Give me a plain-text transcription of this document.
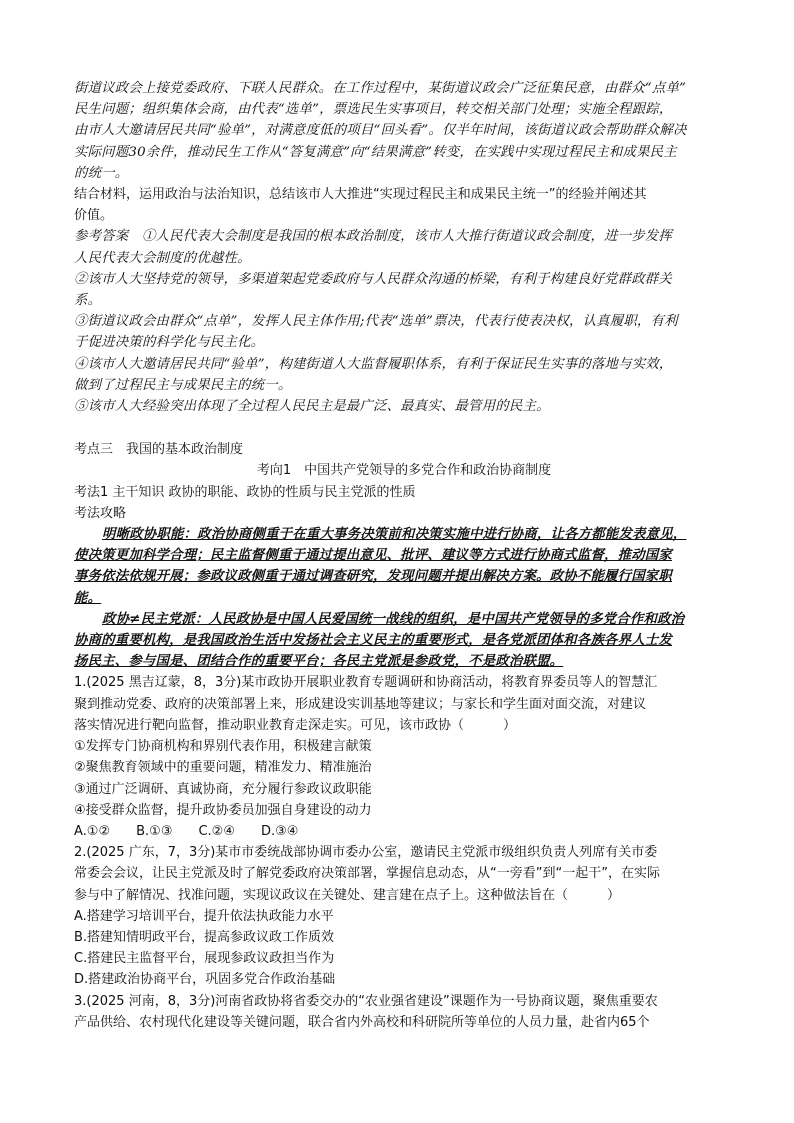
街道议政会上接党委政府、下联人民群众。在工作过程中，某街道议政会广泛征集民意，由群众“点单”

民生问题；组织集体会商，由代表“选单”，票选民生实事项目，转交相关部门处理；实施全程跟踪，

由市人大邀请居民共同“验单”，对满意度低的项目“回头看”。仅半年时间，该街道议政会帮助群众解决

实际问题30余件，推动民生工作从“答复满意”向“结果满意”转变，在实践中实现过程民主和成果民主

的统一。

结合材料，运用政治与法治知识，总结该市人大推进“实现过程民主和成果民主统一”的经验并阐述其

价值。

参考答案　①人民代表大会制度是我国的根本政治制度，该市人大推行街道议政会制度，进一步发挥

人民代表大会制度的优越性。

②该市人大坚持党的领导，多渠道架起党委政府与人民群众沟通的桥梁，有利于构建良好党群政群关

系。

③街道议政会由群众“点单”，发挥人民主体作用;代表“选单”票决，代表行使表决权，认真履职，有利

于促进决策的科学化与民主化。

④该市人大邀请居民共同“验单”，构建街道人大监督履职体系，有利于保证民生实事的落地与实效，

做到了过程民主与成果民主的统一。

⑤该市人大经验突出体现了全过程人民民主是最广泛、最真实、最管用的民主。

考点三　我国的基本政治制度

考向1　中国共产党领导的多党合作和政治协商制度

考法1 主干知识 政协的职能、政协的性质与民主党派的性质

考法攻略

明晰政协职能：政治协商侧重于在重大事务决策前和决策实施中进行协商，让各方都能发表意见，

使决策更加科学合理；民主监督侧重于通过提出意见、批评、建议等方式进行协商式监督，推动国家

事务依法依规开展；参政议政侧重于通过调查研究，发现问题并提出解决方案。政协不能履行国家职

能。

政协≠民主党派：人民政协是中国人民爱国统一战线的组织，是中国共产党领导的多党合作和政治

协商的重要机构，是我国政治生活中发扬社会主义民主的重要形式，是各党派团体和各族各界人士发

扬民主、参与国是、团结合作的重要平台；各民主党派是参政党，不是政治联盟。

1.(2025 黑吉辽蒙，8，3分)某市政协开展职业教育专题调研和协商活动，将教育界委员等人的智慧汇

聚到推动党委、政府的决策部署上来，形成建设实训基地等建议；与家长和学生面对面交流，对建议

落实情况进行靶向监督，推动职业教育走深走实。可见，该市政协（　　　）

①发挥专门协商机构和界别代表作用，积极建言献策

②聚焦教育领域中的重要问题，精准发力、精准施治

③通过广泛调研、真诚协商，充分履行参政议政职能

④接受群众监督，提升政协委员加强自身建设的动力

A.①② B.①③ C.②④ D.③④

2.(2025 广东，7，3分)某市市委统战部协调市委办公室，邀请民主党派市级组织负责人列席有关市委

常委会会议，让民主党派及时了解党委政府决策部署，掌握信息动态，从“一旁看”到“一起干”，在实际

参与中了解情况、找准问题，实现议政议在关键处、建言建在点子上。这种做法旨在（　　　）

A.搭建学习培训平台，提升依法执政能力水平

B.搭建知情明政平台，提高参政议政工作质效

C.搭建民主监督平台，展现参政议政担当作为

D.搭建政治协商平台，巩固多党合作政治基础

3.(2025 河南，8，3分)河南省政协将省委交办的“农业强省建设”课题作为一号协商议题，聚焦重要农

产品供给、农村现代化建设等关键问题，联合省内外高校和科研院所等单位的人员力量，赴省内65个
